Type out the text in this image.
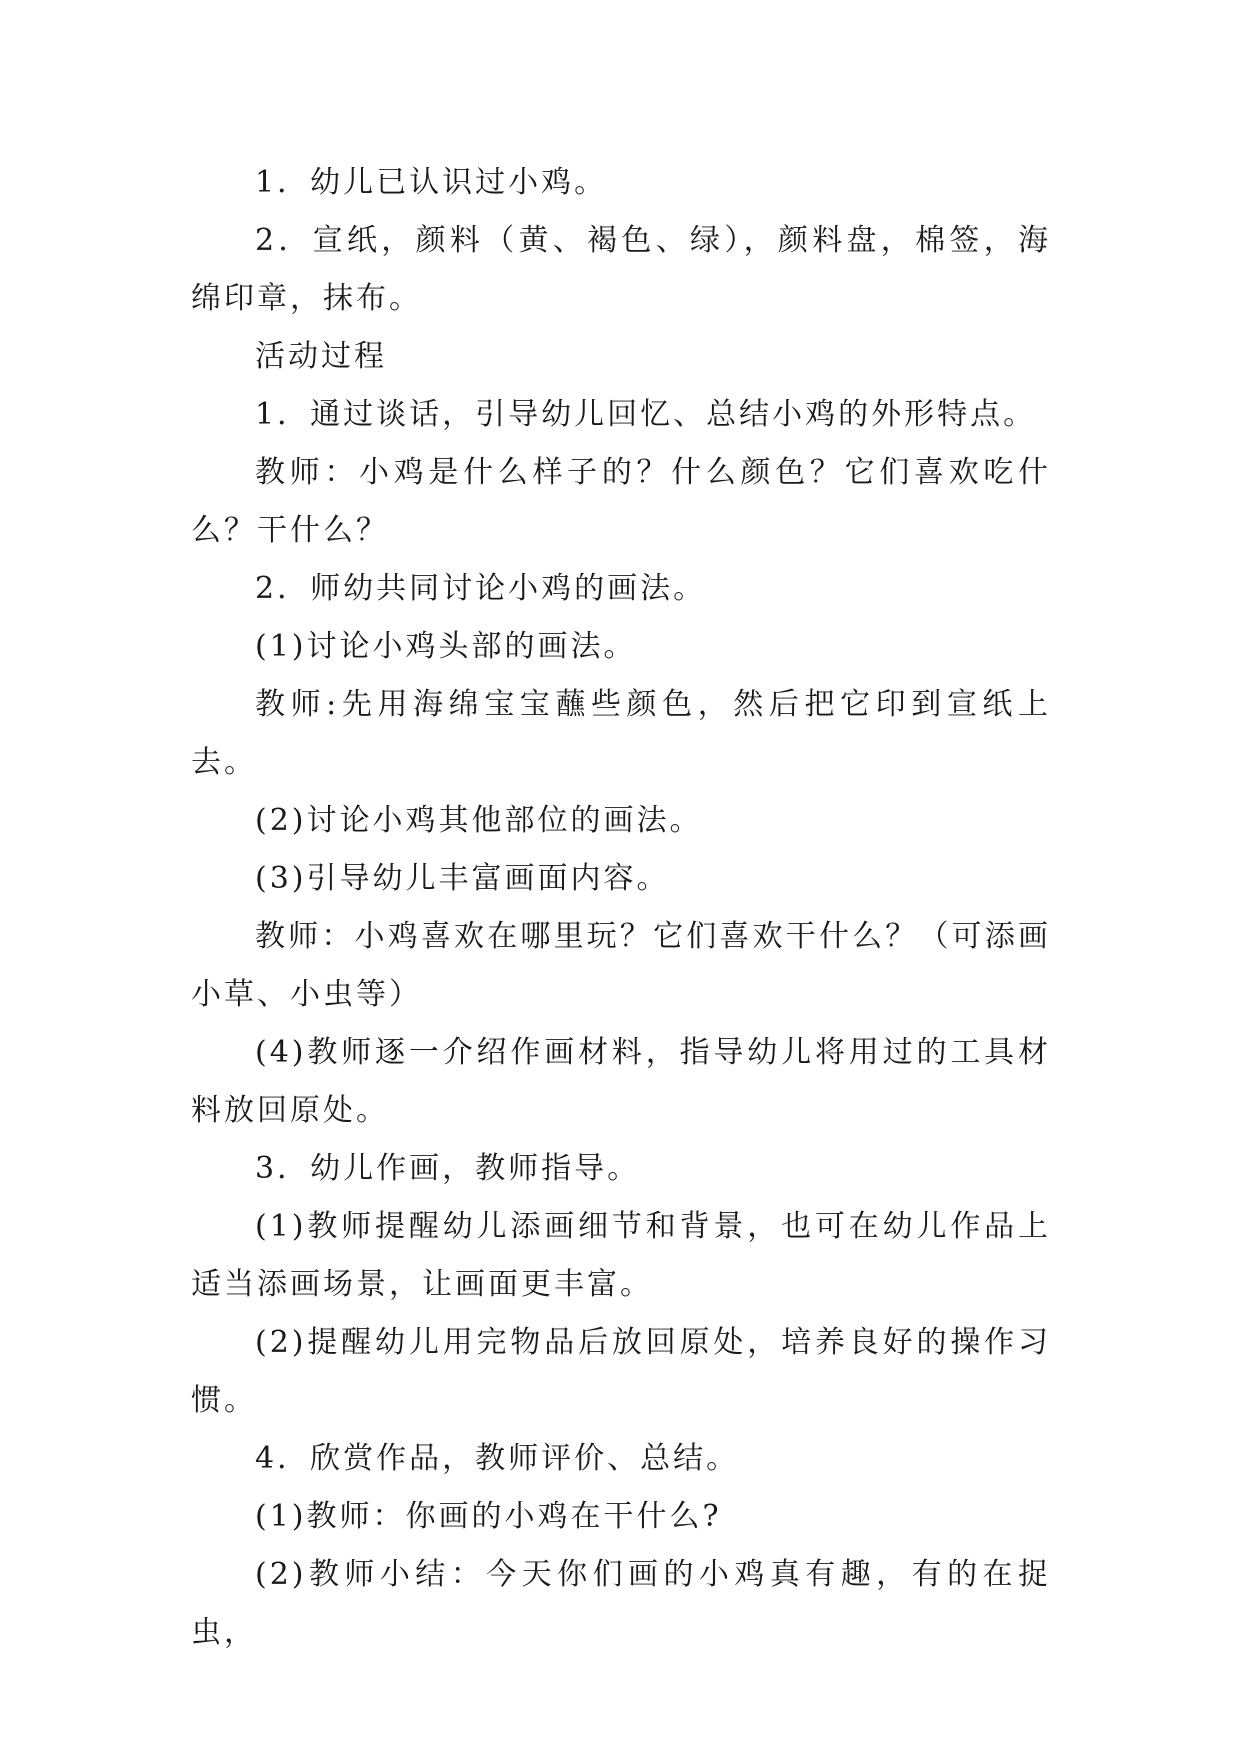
1．幼儿已认识过小鸡。

2．宣纸，颜料（黄、褐色、绿），颜料盘，棉签，海绵印章，抹布。

活动过程

1．通过谈话，引导幼儿回忆、总结小鸡的外形特点。

教师：小鸡是什么样子的？什么颜色？它们喜欢吃什么？干什么？

2．师幼共同讨论小鸡的画法。

(1)讨论小鸡头部的画法。

教师:先用海绵宝宝蘸些颜色，然后把它印到宣纸上去。

(2)讨论小鸡其他部位的画法。

(3)引导幼儿丰富画面内容。

教师：小鸡喜欢在哪里玩？它们喜欢干什么？（可添画小草、小虫等）

(4)教师逐一介绍作画材料，指导幼儿将用过的工具材料放回原处。

3．幼儿作画，教师指导。

(1)教师提醒幼儿添画细节和背景，也可在幼儿作品上适当添画场景，让画面更丰富。

(2)提醒幼儿用完物品后放回原处，培养良好的操作习惯。

4．欣赏作品，教师评价、总结。

(1)教师：你画的小鸡在干什么?

(2)教师小结：今天你们画的小鸡真有趣，有的在捉虫，
